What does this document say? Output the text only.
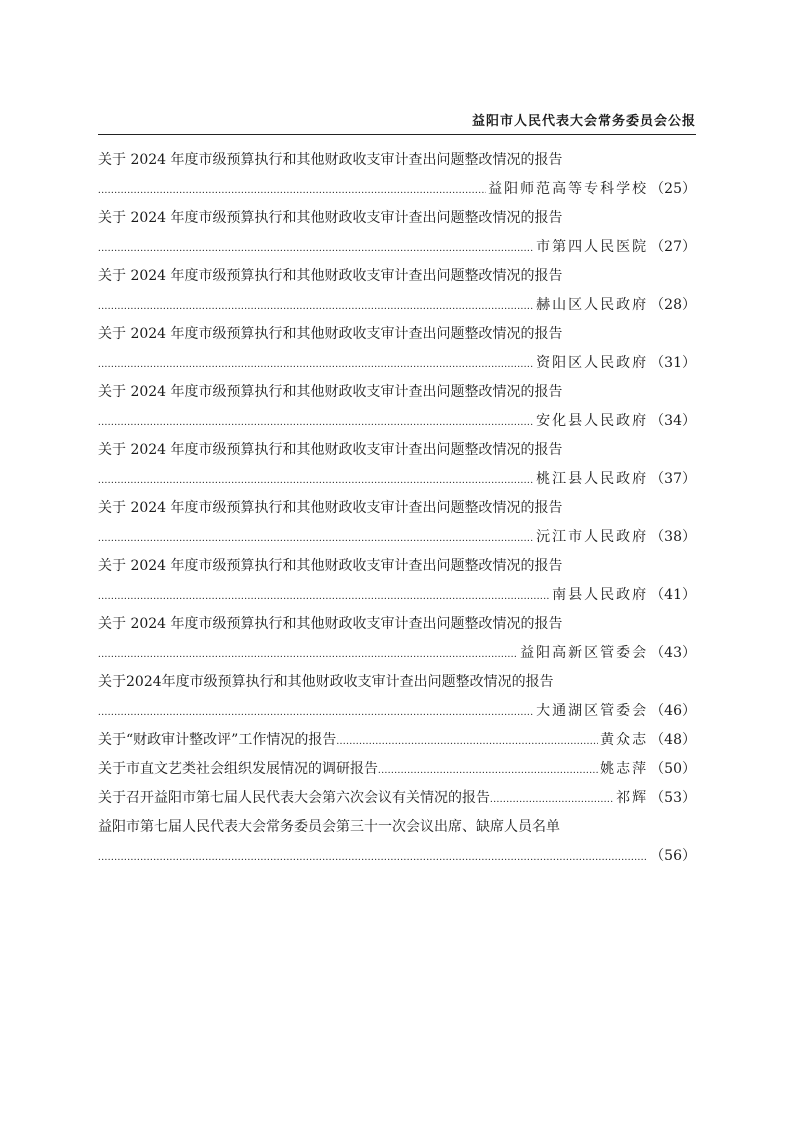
益阳市人民代表大会常务委员会公报
关于 2024 年度市级预算执行和其他财政收支审计查出问题整改情况的报告
.....
益阳师范高等专科学校 （25）
关于 2024 年度市级预算执行和其他财政收支审计查出问题整改情况的报告
.....
市第四人民医院 （27）
关于 2024 年度市级预算执行和其他财政收支审计查出问题整改情况的报告
.....
赫山区人民政府 （28）
关于 2024 年度市级预算执行和其他财政收支审计查出问题整改情况的报告
.....
资阳区人民政府 （31）
关于 2024 年度市级预算执行和其他财政收支审计查出问题整改情况的报告
.....
安化县人民政府 （34）
关于 2024 年度市级预算执行和其他财政收支审计查出问题整改情况的报告
.....
桃江县人民政府 （37）
关于 2024 年度市级预算执行和其他财政收支审计查出问题整改情况的报告
.....
沅江市人民政府 （38）
关于 2024 年度市级预算执行和其他财政收支审计查出问题整改情况的报告
.....
南县人民政府 （41）
关于 2024 年度市级预算执行和其他财政收支审计查出问题整改情况的报告
.....
益阳高新区管委会 （43）
关于2024年度市级预算执行和其他财政收支审计查出问题整改情况的报告
.....
大通湖区管委会 （46）
关于“财政审计整改评”工作情况的报告 .....	黄众志 （48）
关于市直文艺类社会组织发展情况的调研报告 .....	姚志萍 （50）
关于召开益阳市第七届人民代表大会第六次会议有关情况的报告 .....	祁辉 （53）
益阳市第七届人民代表大会常务委员会第三十一次会议出席、缺席人员名单
.....
（56）
